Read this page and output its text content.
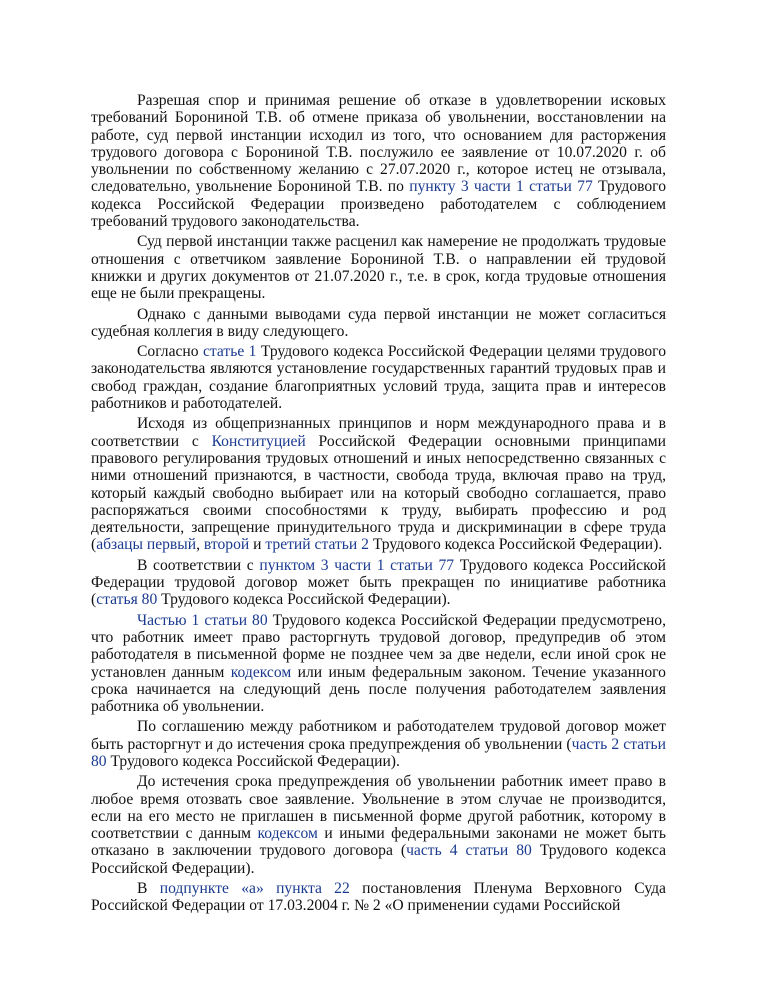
Разрешая спор и принимая решение об отказе в удовлетворении исковых требований Борониной Т.В. об отмене приказа об увольнении, восстановлении на работе, суд первой инстанции исходил из того, что основанием для расторжения трудового договора с Борониной Т.В. послужило ее заявление от 10.07.2020 г. об увольнении по собственному желанию с 27.07.2020 г., которое истец не отзывала, следовательно, увольнение Борониной Т.В. по пункту 3 части 1 статьи 77 Трудового кодекса Российской Федерации произведено работодателем с соблюдением требований трудового законодательства.

Суд первой инстанции также расценил как намерение не продолжать трудовые отношения с ответчиком заявление Борониной Т.В. о направлении ей трудовой книжки и других документов от 21.07.2020 г., т.е. в срок, когда трудовые отношения еще не были прекращены.

Однако с данными выводами суда первой инстанции не может согласиться судебная коллегия в виду следующего.

Согласно статье 1 Трудового кодекса Российской Федерации целями трудового законодательства являются установление государственных гарантий трудовых прав и свобод граждан, создание благоприятных условий труда, защита прав и интересов работников и работодателей.

Исходя из общепризнанных принципов и норм международного права и в соответствии с Конституцией Российской Федерации основными принципами правового регулирования трудовых отношений и иных непосредственно связанных с ними отношений признаются, в частности, свобода труда, включая право на труд, который каждый свободно выбирает или на который свободно соглашается, право распоряжаться своими способностями к труду, выбирать профессию и род деятельности, запрещение принудительного труда и дискриминации в сфере труда (абзацы первый, второй и третий статьи 2 Трудового кодекса Российской Федерации).

В соответствии с пунктом 3 части 1 статьи 77 Трудового кодекса Российской Федерации трудовой договор может быть прекращен по инициативе работника (статья 80 Трудового кодекса Российской Федерации).

Частью 1 статьи 80 Трудового кодекса Российской Федерации предусмотрено, что работник имеет право расторгнуть трудовой договор, предупредив об этом работодателя в письменной форме не позднее чем за две недели, если иной срок не установлен данным кодексом или иным федеральным законом. Течение указанного срока начинается на следующий день после получения работодателем заявления работника об увольнении.

По соглашению между работником и работодателем трудовой договор может быть расторгнут и до истечения срока предупреждения об увольнении (часть 2 статьи 80 Трудового кодекса Российской Федерации).

До истечения срока предупреждения об увольнении работник имеет право в любое время отозвать свое заявление. Увольнение в этом случае не производится, если на его место не приглашен в письменной форме другой работник, которому в соответствии с данным кодексом и иными федеральными законами не может быть отказано в заключении трудового договора (часть 4 статьи 80 Трудового кодекса Российской Федерации).

В подпункте «а» пункта 22 постановления Пленума Верховного Суда Российской Федерации от 17.03.2004 г. № 2 «О применении судами Российской
